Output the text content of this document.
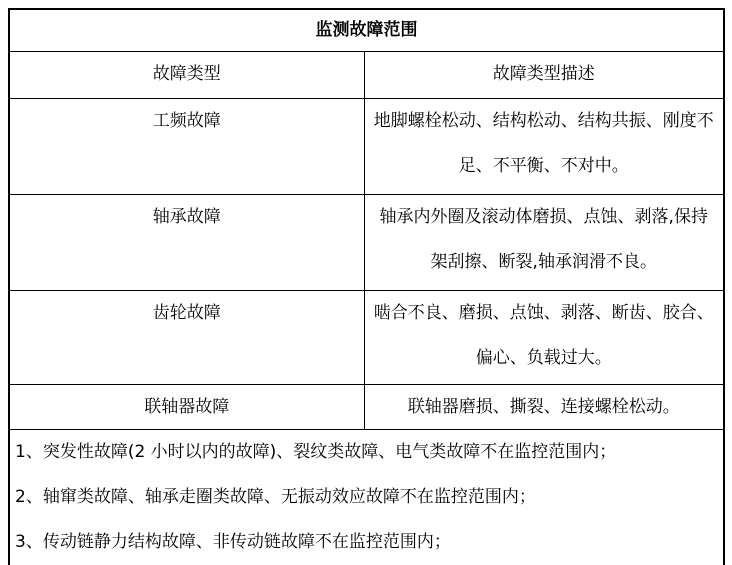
监测故障范围	
故障类型	故障类型描述
工频故障	地脚螺栓松动、结构松动、结构共振、刚度不足、不平衡、不对中。
轴承故障	轴承内外圈及滚动体磨损、点蚀、剥落,保持架刮擦、断裂,轴承润滑不良。
齿轮故障	啮合不良、磨损、点蚀、剥落、断齿、胶合、偏心、负载过大。
联轴器故障	联轴器磨损、撕裂、连接螺栓松动。

1、突发性故障(2 小时以内的故障)、裂纹类故障、电气类故障不在监控范围内；
2、轴窜类故障、轴承走圈类故障、无振动效应故障不在监控范围内；
3、传动链静力结构故障、非传动链故障不在监控范围内；	
